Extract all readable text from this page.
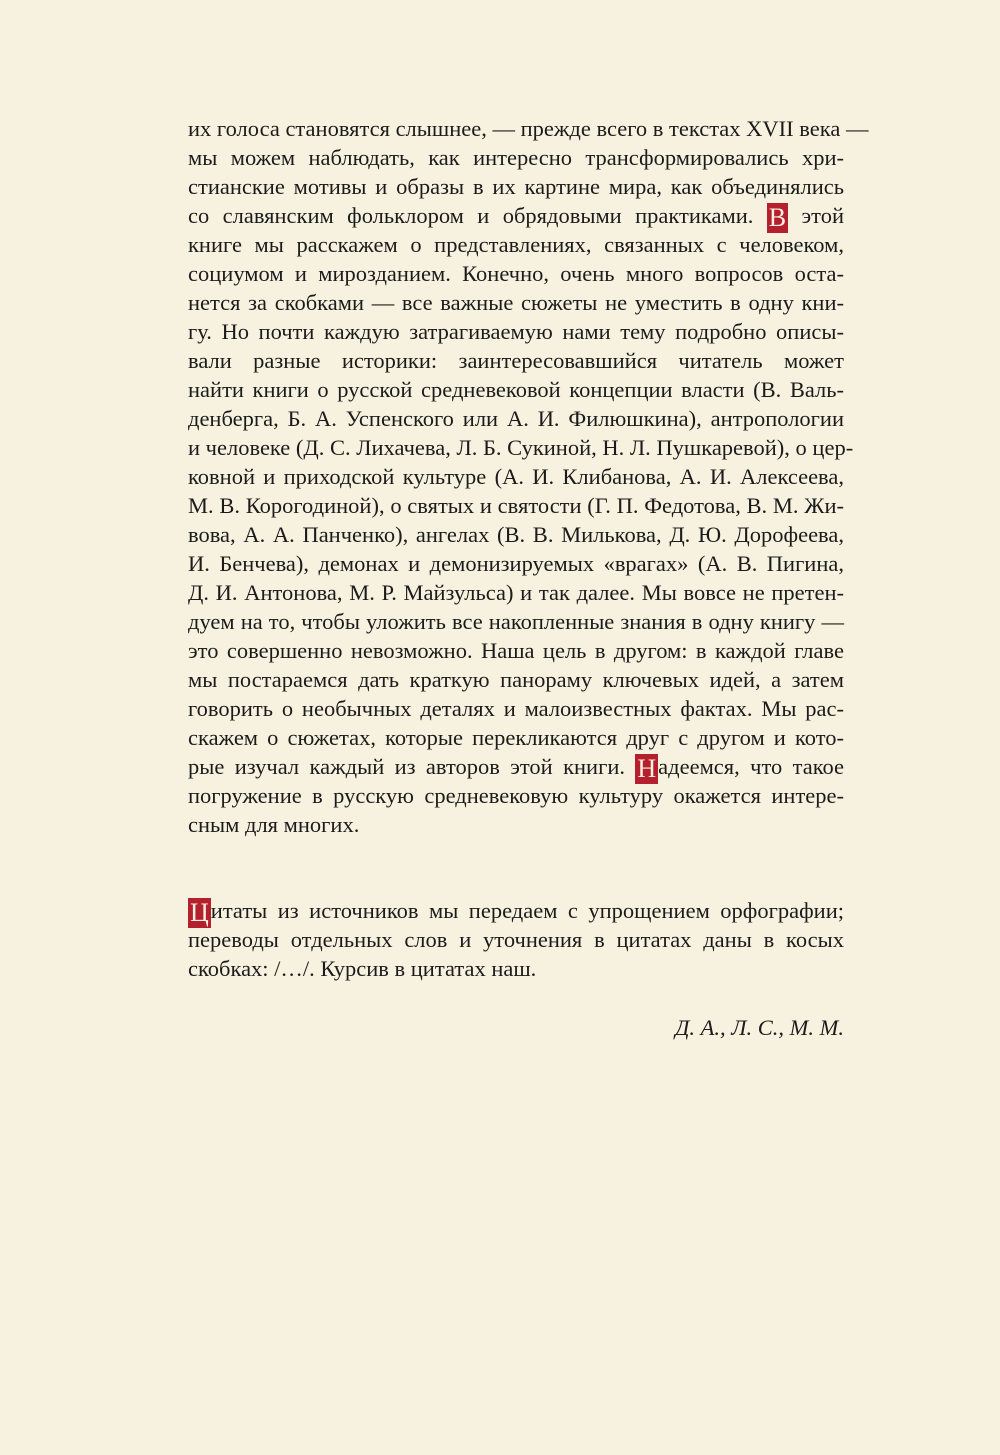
их голоса становятся слышнее, — прежде всего в текстах XVII века —
мы можем наблюдать, как интересно трансформировались хри-
стианские мотивы и образы в их картине мира, как объединялись
со славянским фольклором и обрядовыми практиками. В этой
книге мы расскажем о представлениях, связанных с человеком,
социумом и мирозданием. Конечно, очень много вопросов оста-
нется за скобками — все важные сюжеты не уместить в одну кни-
гу. Но почти каждую затрагиваемую нами тему подробно описы-
вали разные историки: заинтересовавшийся читатель может
найти книги о русской средневековой концепции власти (В. Валь-
денберга, Б. А. Успенского или А. И. Филюшкина), антропологии
и человеке (Д. С. Лихачева, Л. Б. Сукиной, Н. Л. Пушкаревой), о цер-
ковной и приходской культуре (А. И. Клибанова, А. И. Алексеева,
М. В. Корогодиной), о святых и святости (Г. П. Федотова, В. М. Жи-
вова, А. А. Панченко), ангелах (В. В. Милькова, Д. Ю. Дорофеева,
И. Бенчева), демонах и демонизируемых «врагах» (А. В. Пигина,
Д. И. Антонова, М. Р. Майзульса) и так далее. Мы вовсе не претен-
дуем на то, чтобы уложить все накопленные знания в одну книгу —
это совершенно невозможно. Наша цель в другом: в каждой главе
мы постараемся дать краткую панораму ключевых идей, а затем
говорить о необычных деталях и малоизвестных фактах. Мы рас-
скажем о сюжетах, которые перекликаются друг с другом и кото-
рые изучал каждый из авторов этой книги. Надеемся, что такое
погружение в русскую средневековую культуру окажется интере-
сным для многих.
Цитаты из источников мы передаем с упрощением орфографии;
переводы отдельных слов и уточнения в цитатах даны в косых
скобках: /…/. Курсив в цитатах наш.
Д. А., Л. С., М. М.
